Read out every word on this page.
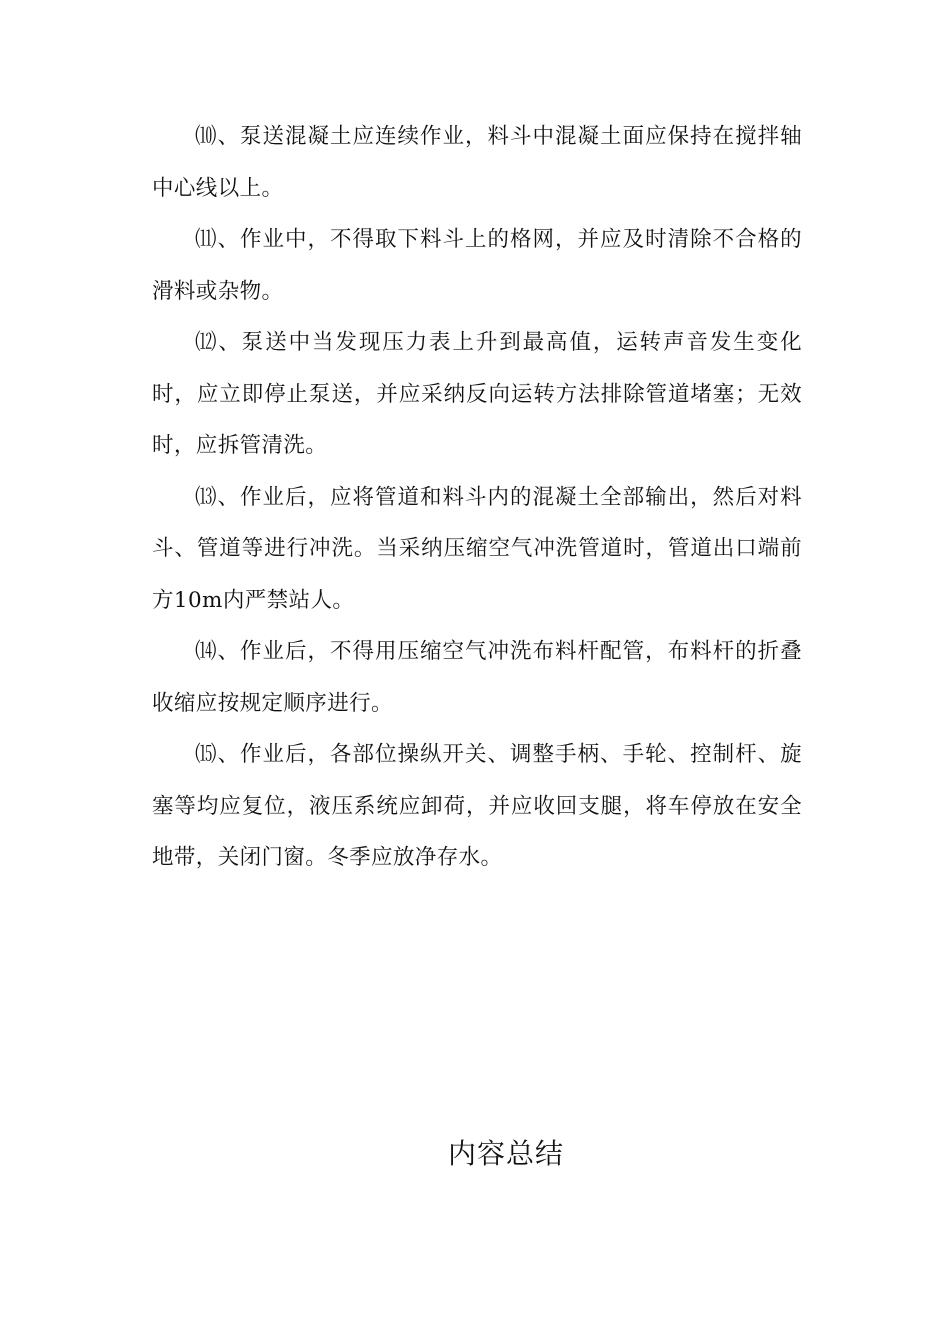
⑽、泵送混凝土应连续作业，料斗中混凝土面应保持在搅拌轴中心线以上。

⑾、作业中，不得取下料斗上的格网，并应及时清除不合格的滑料或杂物。

⑿、泵送中当发现压力表上升到最高值，运转声音发生变化时，应立即停止泵送，并应采纳反向运转方法排除管道堵塞；无效时，应拆管清洗。

⒀、作业后，应将管道和料斗内的混凝土全部输出，然后对料斗、管道等进行冲洗。当采纳压缩空气冲洗管道时，管道出口端前方10m内严禁站人。

⒁、作业后，不得用压缩空气冲洗布料杆配管，布料杆的折叠收缩应按规定顺序进行。

⒂、作业后，各部位操纵开关、调整手柄、手轮、控制杆、旋塞等均应复位，液压系统应卸荷，并应收回支腿，将车停放在安全地带，关闭门窗。冬季应放净存水。

内容总结
